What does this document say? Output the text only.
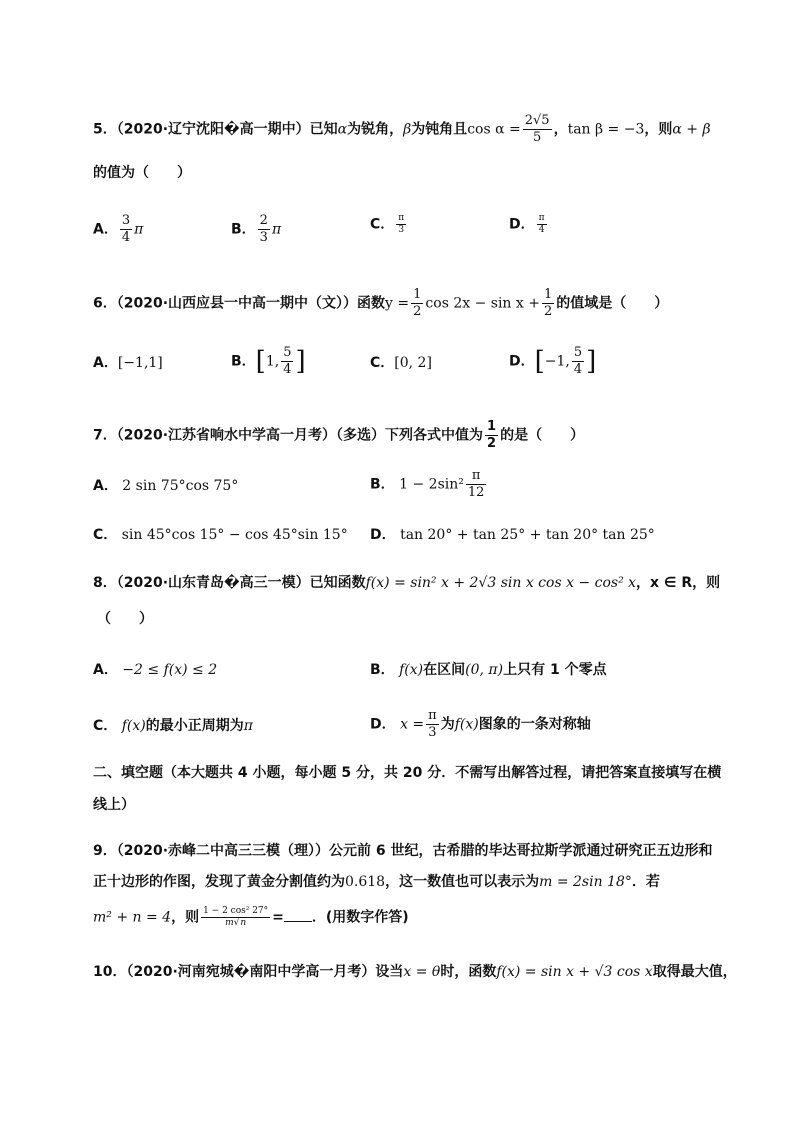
5．（2020·辽宁沈阳�高一期中）已知α为锐角，β为钝角且$\cos \alpha = \frac{2√5}{5}$ ，tan β = −3，则α + β
的值为（　　）
A． $\frac{3}{4}$ π	B． $\frac{2}{3}$ π	C． $\frac{\pi}{3}$	D． $\frac{\pi}{4}$
6．（2020·山西应县一中高一期中（文））函数$y = \frac{1}{2}$ $\cos 2x - \sin x + \frac{1}{2}$ 的值域是（　　）
A．[−1,1]	B．[1, $\frac{5}{4}$ ]	C．[0, 2]	D．[−1, $\frac{5}{4}$ ]
7．（2020·江苏省响水中学高一月考）（多选）下列各式中值为 $\frac{1}{2}$ 的是（　　）
A． 2 sin 75°cos 75°	B． $1 - 2\sin^2 \frac{\pi}{12}$
C． sin 45°cos 15° − cos 45°sin 15° D． tan 20° + tan 25° + tan 20° tan 25°
8．（2020·山东青岛�高三一模）已知函数f(x) = sin² x + 2√3 sin x cos x − cos² x，x ∈ R，则
（　　）
A． −2 ≤ f(x) ≤ 2	B． f(x)在区间(0, π)上只有 1 个零点
C． f(x)的最小正周期为π	D． $x = \frac{\pi}{3}$ 为f(x)图象的一条对称轴
二、填空题（本大题共 4 小题，每小题 5 分，共 20 分．不需写出解答过程，请把答案直接填写在横
线上）
9．（2020·赤峰二中高三三模（理））公元前 6 世纪，古希腊的毕达哥拉斯学派通过研究正五边形和
正十边形的作图，发现了黄金分割值约为0.618，这一数值也可以表示为m = 2sin 18°．若
m² + n = 4，则 $\frac{\text{1 − 2 cos² 27°}}{m√n}$ = ．(用数字作答)
10．（2020·河南宛城�南阳中学高一月考）设当x = θ时，函数f(x) = sin x + √3 cos x取得最大值，
